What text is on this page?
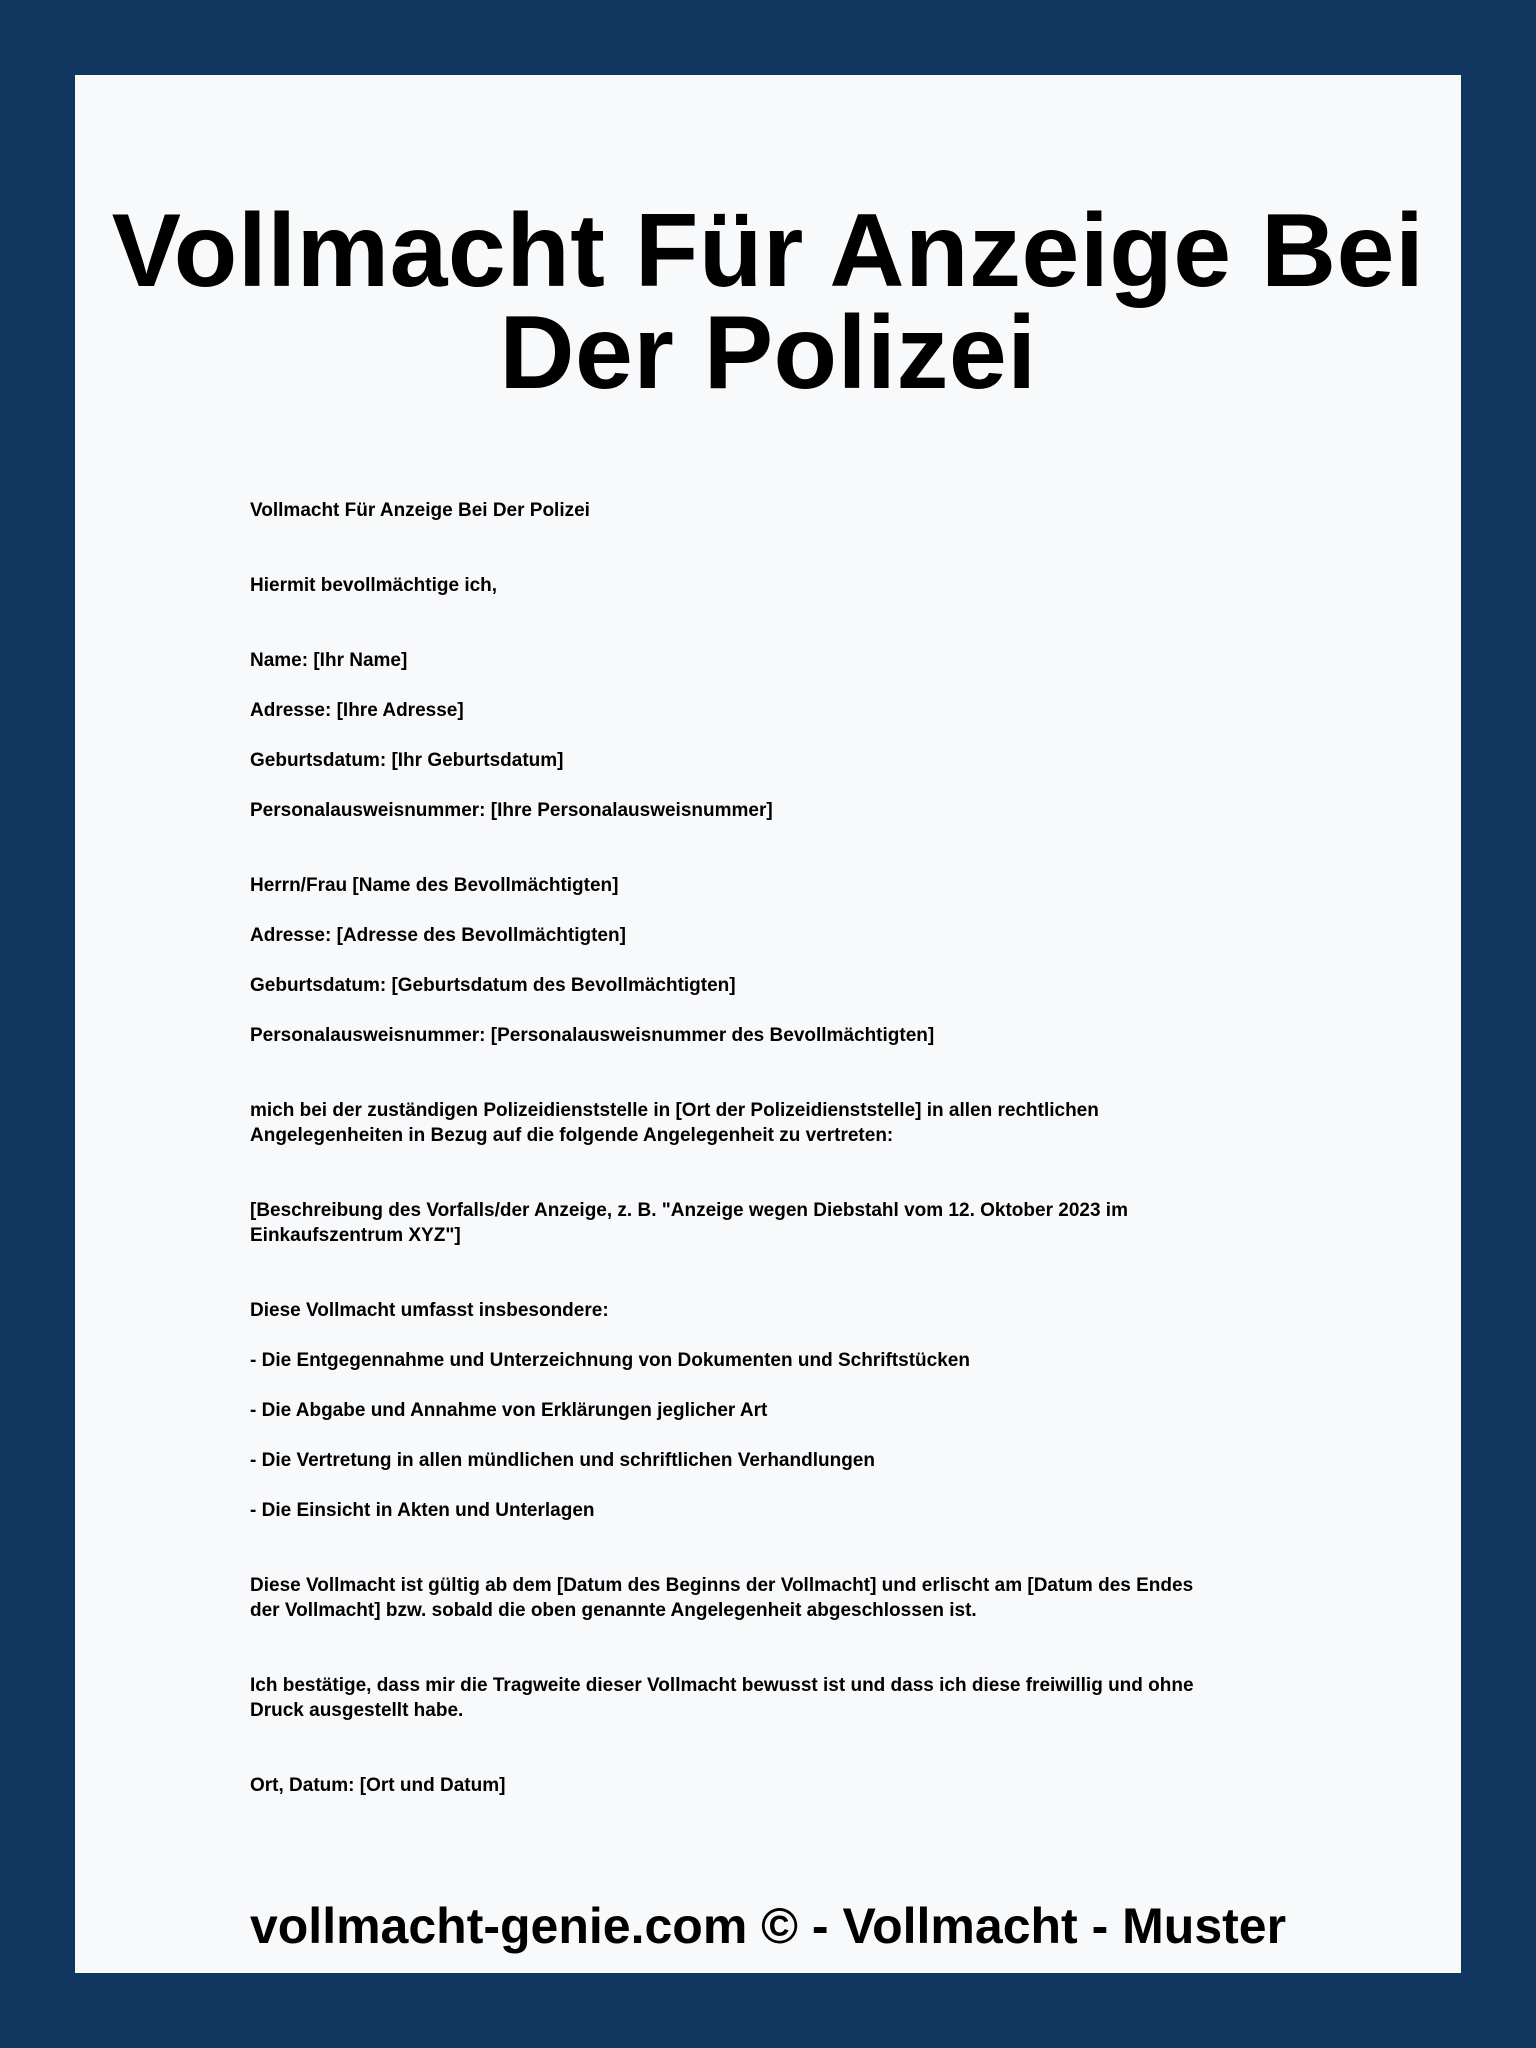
Vollmacht Für Anzeige Bei
Der Polizei
Vollmacht Für Anzeige Bei Der Polizei
Hiermit bevollmächtige ich,
Name: [Ihr Name]
Adresse: [Ihre Adresse]
Geburtsdatum: [Ihr Geburtsdatum]
Personalausweisnummer: [Ihre Personalausweisnummer]
Herrn/Frau [Name des Bevollmächtigten]
Adresse: [Adresse des Bevollmächtigten]
Geburtsdatum: [Geburtsdatum des Bevollmächtigten]
Personalausweisnummer: [Personalausweisnummer des Bevollmächtigten]
mich bei der zuständigen Polizeidienststelle in [Ort der Polizeidienststelle] in allen rechtlichen
Angelegenheiten in Bezug auf die folgende Angelegenheit zu vertreten:
[Beschreibung des Vorfalls/der Anzeige, z. B. "Anzeige wegen Diebstahl vom 12. Oktober 2023 im
Einkaufszentrum XYZ"]
Diese Vollmacht umfasst insbesondere:
- Die Entgegennahme und Unterzeichnung von Dokumenten und Schriftstücken
- Die Abgabe und Annahme von Erklärungen jeglicher Art
- Die Vertretung in allen mündlichen und schriftlichen Verhandlungen
- Die Einsicht in Akten und Unterlagen
Diese Vollmacht ist gültig ab dem [Datum des Beginns der Vollmacht] und erlischt am [Datum des Endes
der Vollmacht] bzw. sobald die oben genannte Angelegenheit abgeschlossen ist.
Ich bestätige, dass mir die Tragweite dieser Vollmacht bewusst ist und dass ich diese freiwillig und ohne
Druck ausgestellt habe.
Ort, Datum: [Ort und Datum]
vollmacht-genie.com © - Vollmacht - Muster
